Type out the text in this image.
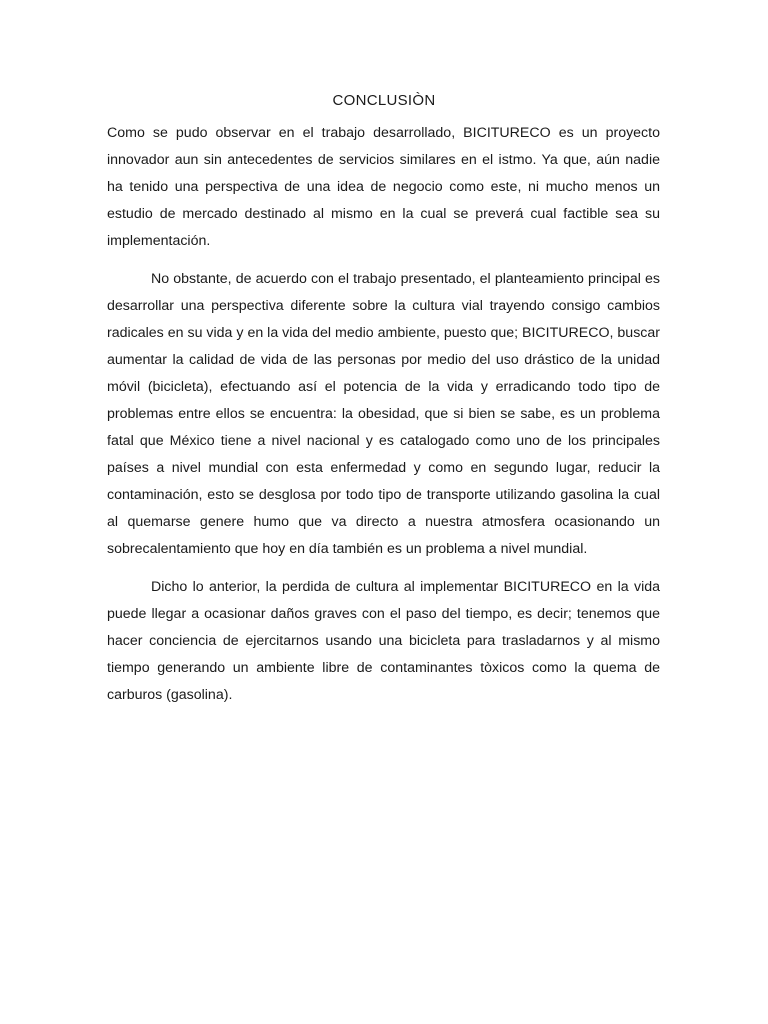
CONCLUSIÒN

Como se pudo observar en el trabajo desarrollado, BICITURECO es un proyecto innovador aun sin antecedentes de servicios similares en el istmo. Ya que, aún nadie ha tenido una perspectiva de una idea de negocio como este, ni mucho menos un estudio de mercado destinado al mismo en la cual se preverá cual factible sea su implementación.

No obstante, de acuerdo con el trabajo presentado, el planteamiento principal es desarrollar una perspectiva diferente sobre la cultura vial trayendo consigo cambios radicales en su vida y en la vida del medio ambiente, puesto que; BICITURECO, buscar aumentar la calidad de vida de las personas por medio del uso drástico de la unidad móvil (bicicleta), efectuando así el potencia de la vida y erradicando todo tipo de problemas entre ellos se encuentra: la obesidad, que si bien se sabe, es un problema fatal que México tiene a nivel nacional y es catalogado como uno de los principales países a nivel mundial con esta enfermedad y como en segundo lugar, reducir la contaminación, esto se desglosa por todo tipo de transporte utilizando gasolina la cual al quemarse genere humo que va directo a nuestra atmosfera ocasionando un sobrecalentamiento que hoy en día también es un problema a nivel mundial.

Dicho lo anterior, la perdida de cultura al implementar BICITURECO en la vida puede llegar a ocasionar daños graves con el paso del tiempo, es decir; tenemos que hacer conciencia de ejercitarnos usando una bicicleta para trasladarnos y al mismo tiempo generando un ambiente libre de contaminantes tòxicos como la quema de carburos (gasolina).
